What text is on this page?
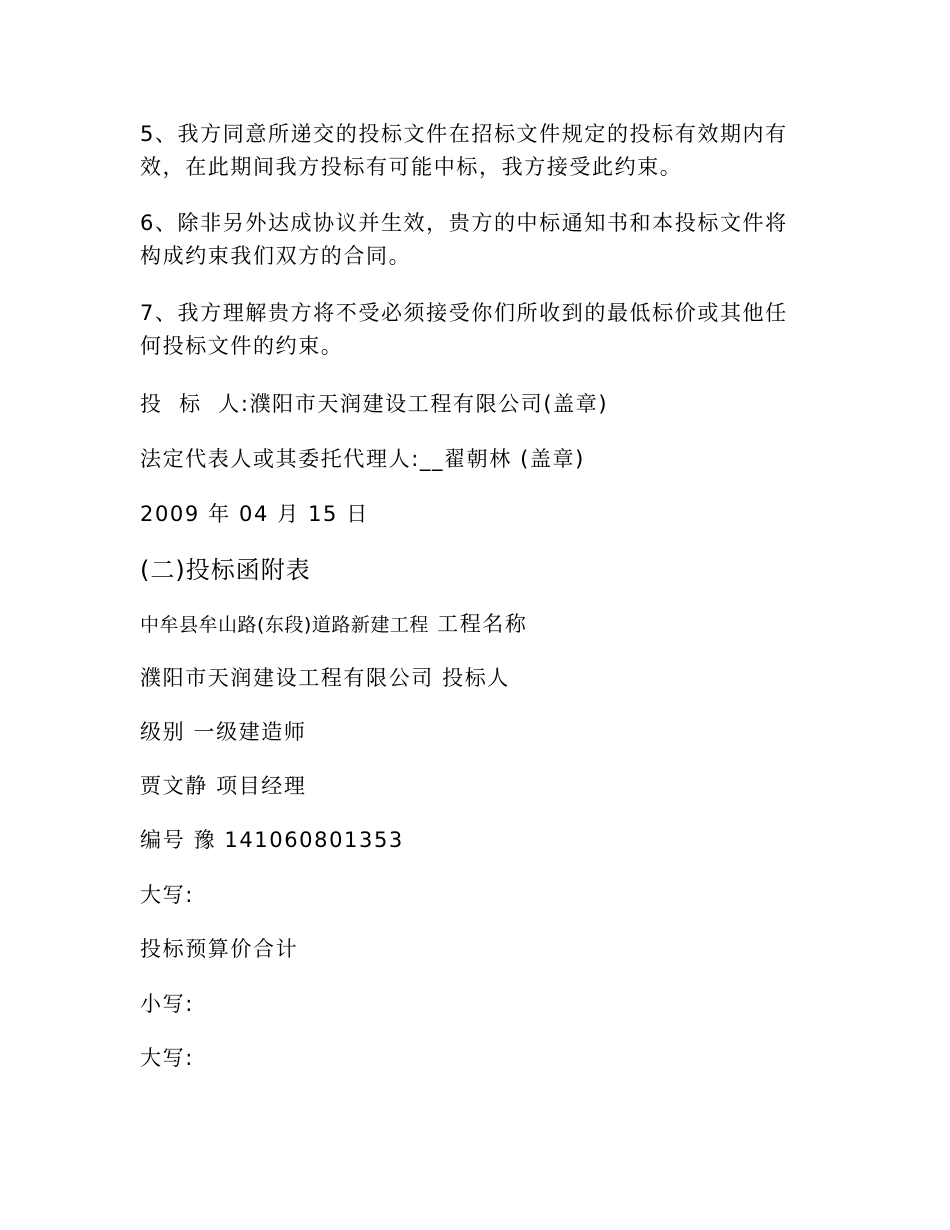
5、我方同意所递交的投标文件在招标文件规定的投标有效期内有效，在此期间我方投标有可能中标，我方接受此约束。

6、除非另外达成协议并生效，贵方的中标通知书和本投标文件将构成约束我们双方的合同。

7、我方理解贵方将不受必须接受你们所收到的最低标价或其他任何投标文件的约束。

投  标  人:濮阳市天润建设工程有限公司(盖章)

法定代表人或其委托代理人:__翟朝林 (盖章)

2009 年 04 月 15 日

(二)投标函附表

中牟县牟山路(东段)道路新建工程 工程名称

濮阳市天润建设工程有限公司 投标人

级别 一级建造师

贾文静 项目经理

编号 豫 141060801353

大写:

投标预算价合计

小写:

大写:
